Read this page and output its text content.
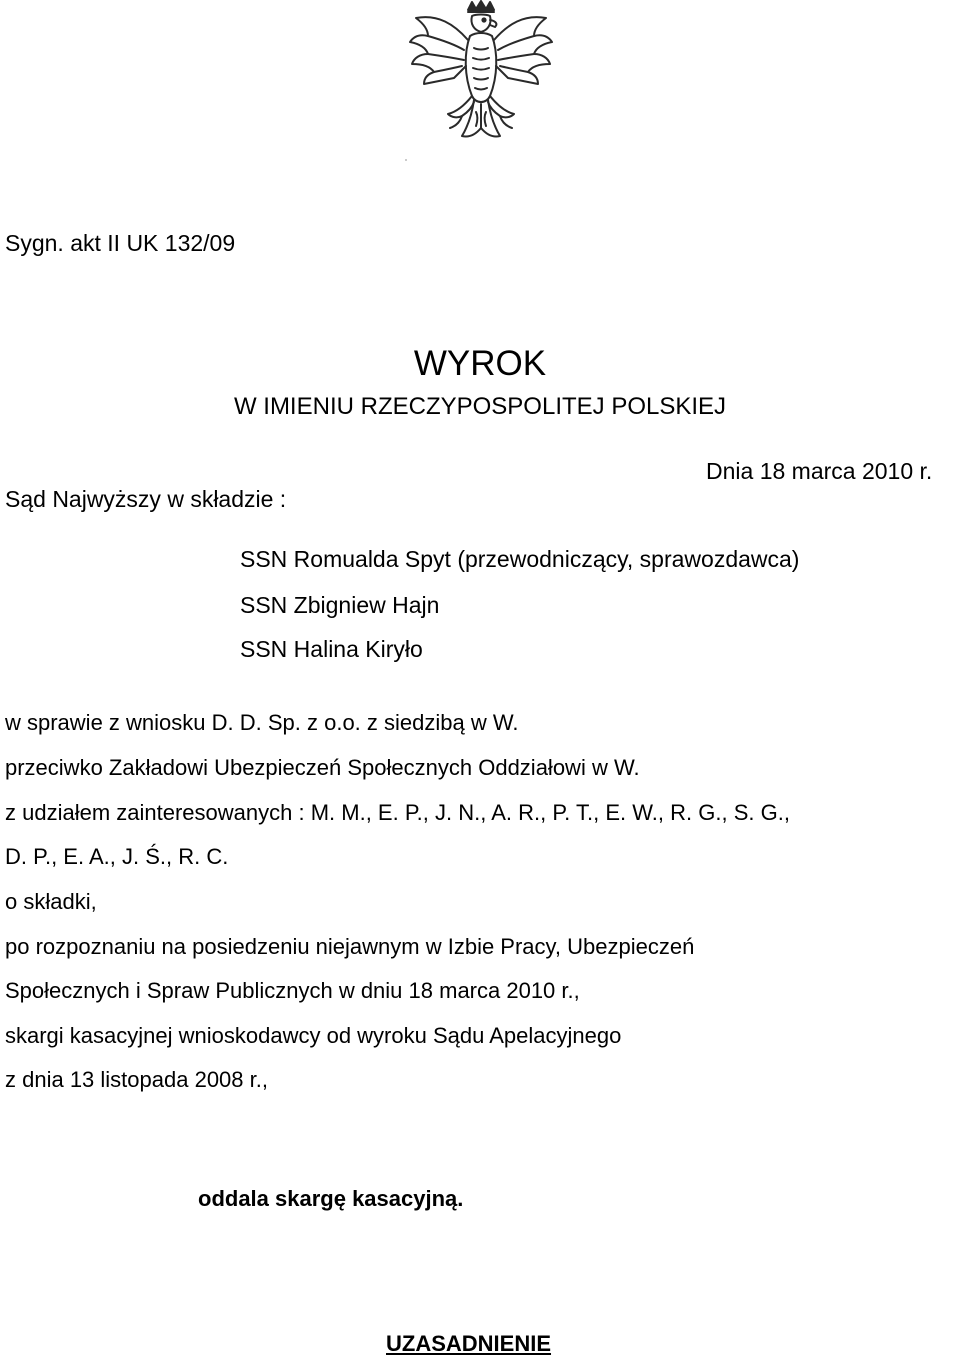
Sygn. akt II UK 132/09
WYROK
W IMIENIU RZECZYPOSPOLITEJ POLSKIEJ
Dnia 18 marca 2010 r.
Sąd Najwyższy w składzie :
SSN Romualda Spyt (przewodniczący, sprawozdawca)
SSN Zbigniew Hajn
SSN Halina Kiryło
w sprawie z wniosku D. D. Sp. z o.o. z siedzibą w W.
przeciwko Zakładowi Ubezpieczeń Społecznych Oddziałowi w W.
z udziałem zainteresowanych : M. M., E. P., J. N., A. R., P. T., E. W., R. G., S. G.,
D. P., E. A., J. Ś., R. C.
o składki,
po rozpoznaniu na posiedzeniu niejawnym w Izbie Pracy, Ubezpieczeń
Społecznych i Spraw Publicznych w dniu 18 marca 2010 r.,
skargi kasacyjnej wnioskodawcy od wyroku Sądu Apelacyjnego
z dnia 13 listopada 2008 r.,
oddala skargę kasacyjną.
UZASADNIENIE
